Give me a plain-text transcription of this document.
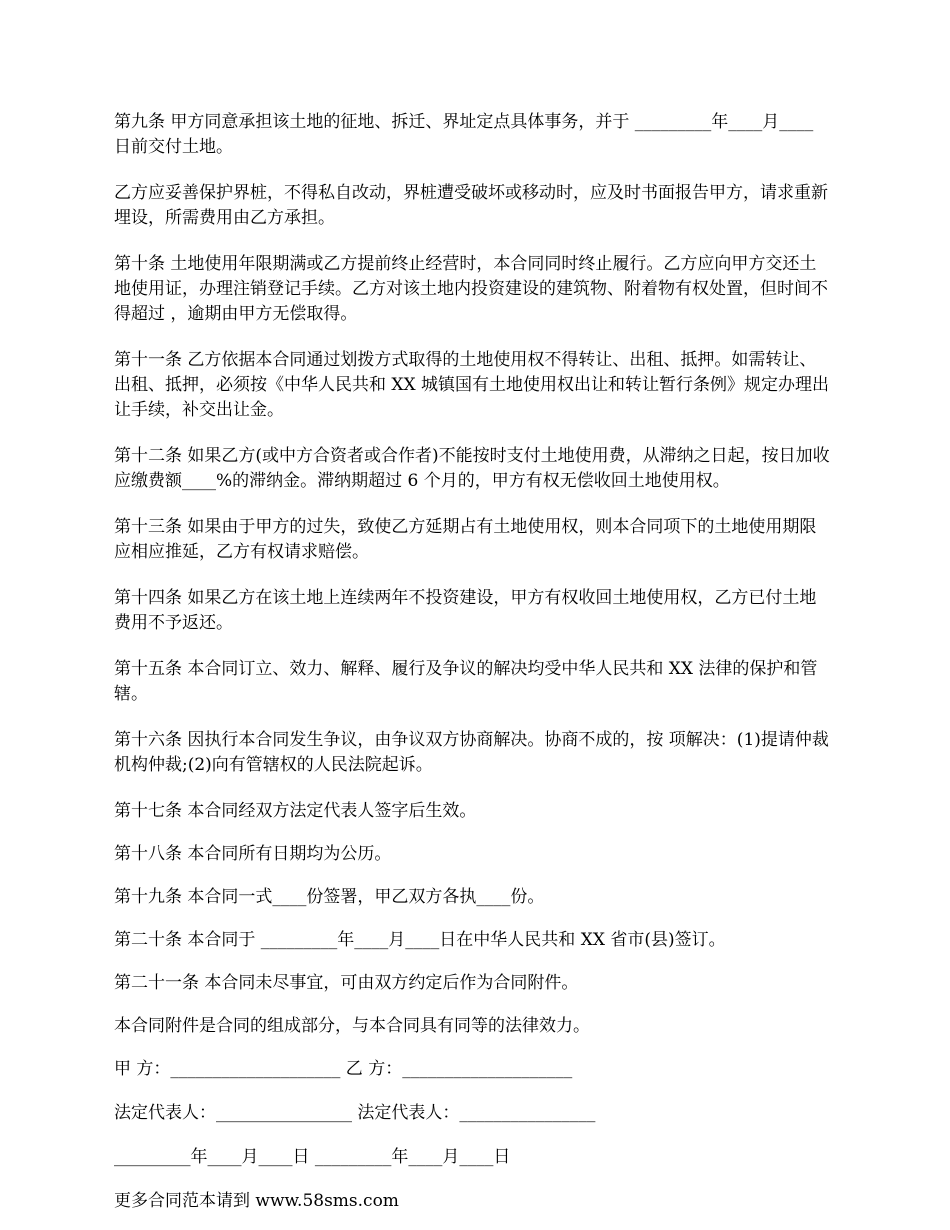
第九条 甲方同意承担该土地的征地、拆迁、界址定点具体事务，并于 _________年____月____日前交付土地。

乙方应妥善保护界桩，不得私自改动，界桩遭受破坏或移动时，应及时书面报告甲方，请求重新埋设，所需费用由乙方承担。

第十条 土地使用年限期满或乙方提前终止经营时，本合同同时终止履行。乙方应向甲方交还土地使用证，办理注销登记手续。乙方对该土地内投资建设的建筑物、附着物有权处置，但时间不得超过 ，逾期由甲方无偿取得。

第十一条 乙方依据本合同通过划拨方式取得的土地使用权不得转让、出租、抵押。如需转让、出租、抵押，必须按《中华人民共和 XX 城镇国有土地使用权出让和转让暂行条例》规定办理出让手续，补交出让金。

第十二条 如果乙方(或中方合资者或合作者)不能按时支付土地使用费，从滞纳之日起，按日加收应缴费额____%的滞纳金。滞纳期超过 6 个月的，甲方有权无偿收回土地使用权。

第十三条 如果由于甲方的过失，致使乙方延期占有土地使用权，则本合同项下的土地使用期限应相应推延，乙方有权请求赔偿。

第十四条 如果乙方在该土地上连续两年不投资建设，甲方有权收回土地使用权，乙方已付土地费用不予返还。

第十五条 本合同订立、效力、解释、履行及争议的解决均受中华人民共和 XX 法律的保护和管辖。

第十六条 因执行本合同发生争议，由争议双方协商解决。协商不成的，按 项解决：(1)提请仲裁机构仲裁;(2)向有管辖权的人民法院起诉。

第十七条 本合同经双方法定代表人签字后生效。

第十八条 本合同所有日期均为公历。

第十九条 本合同一式____份签署，甲乙双方各执____份。

第二十条 本合同于 _________年____月____日在中华人民共和 XX 省市(县)签订。

第二十一条 本合同未尽事宜，可由双方约定后作为合同附件。

本合同附件是合同的组成部分，与本合同具有同等的法律效力。

甲 方：____________________ 乙 方：____________________
法定代表人：________________ 法定代表人：________________
_________年____月____日 _________年____月____日
更多合同范本请到 www.58sms.com
